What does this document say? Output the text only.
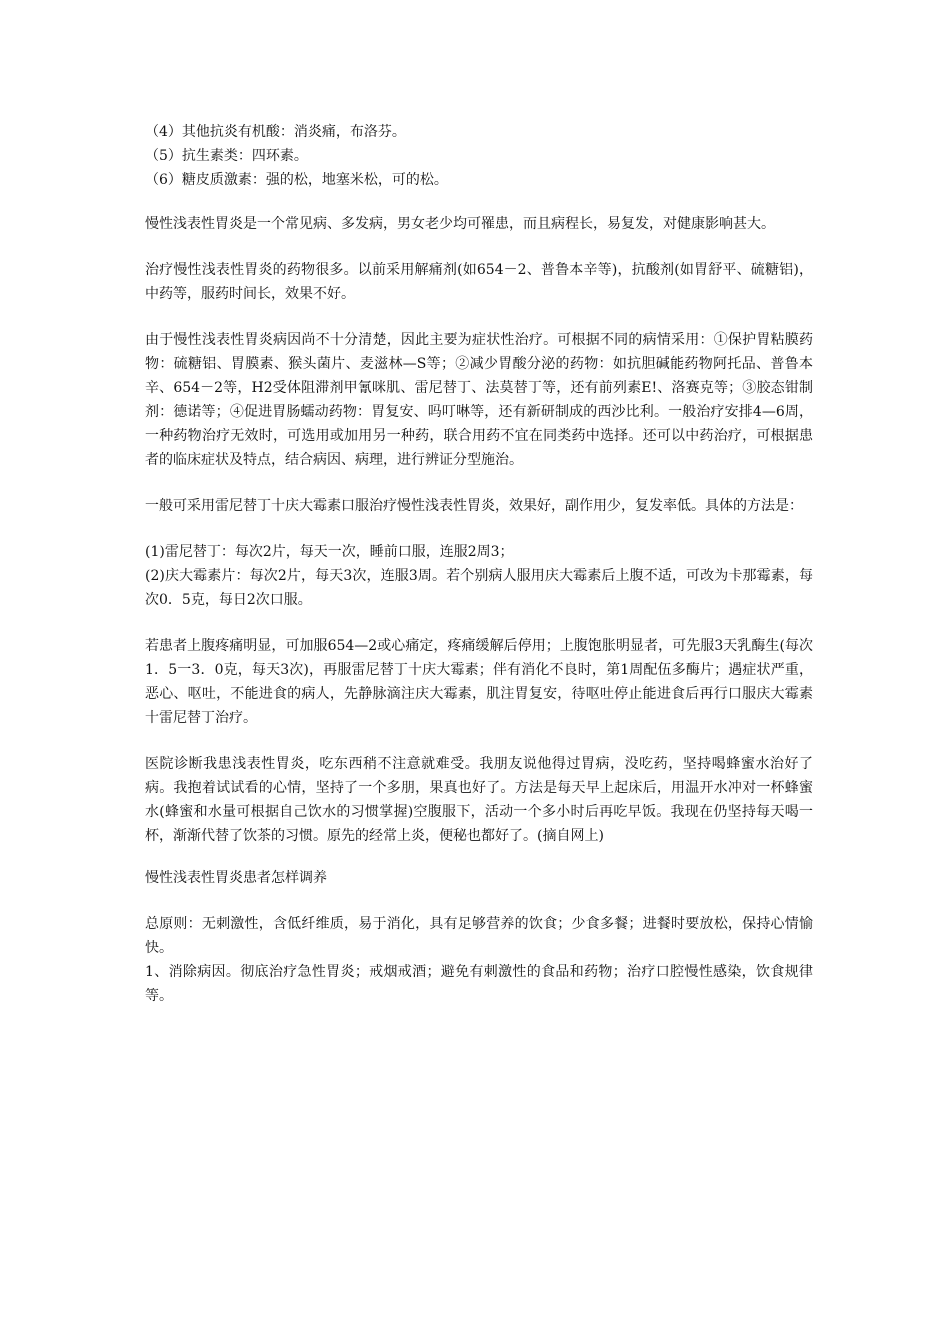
（4）其他抗炎有机酸：消炎痛，布洛芬。

（5）抗生素类：四环素。

（6）糖皮质激素：强的松，地塞米松，可的松。

慢性浅表性胃炎是一个常见病、多发病，男女老少均可罹患，而且病程长，易复发，对健康影响甚大。

治疗慢性浅表性胃炎的药物很多。以前采用解痛剂(如654－2、普鲁本辛等)，抗酸剂(如胃舒平、硫糖铝)，中药等，服药时间长，效果不好。

由于慢性浅表性胃炎病因尚不十分清楚，因此主要为症状性治疗。可根据不同的病情采用：①保护胃粘膜药物：硫糖铝、胃膜素、猴头菌片、麦滋林—S等；②减少胃酸分泌的药物：如抗胆碱能药物阿托品、普鲁本辛、654－2等，H2受体阻滞剂甲氰咪肌、雷尼替丁、法莫替丁等，还有前列素E!、洛赛克等；③胶态钳制剂：德诺等；④促进胃肠蠕动药物：胃复安、吗叮啉等，还有新研制成的西沙比利。一般治疗安排4—6周，一种药物治疗无效时，可选用或加用另一种药，联合用药不宜在同类药中选择。还可以中药治疗，可根据患者的临床症状及特点，结合病因、病理，进行辨证分型施治。

一般可采用雷尼替丁十庆大霉素口服治疗慢性浅表性胃炎，效果好，副作用少，复发率低。具体的方法是：

(1)雷尼替丁：每次2片，每天一次，睡前口服，连服2周3；

(2)庆大霉素片：每次2片，每天3次，连服3周。若个别病人服用庆大霉素后上腹不适，可改为卡那霉素，每次0．5克，每日2次口服。

若患者上腹疼痛明显，可加服654—2或心痛定，疼痛缓解后停用；上腹饱胀明显者，可先服3天乳酶生(每次1．5一3．0克，每天3次)，再服雷尼替丁十庆大霉素；伴有消化不良时，第1周配伍多酶片；遇症状严重，恶心、呕吐，不能进食的病人，先静脉滴注庆大霉素，肌注胃复安，待呕吐停止能进食后再行口服庆大霉素十雷尼替丁治疗。

医院诊断我患浅表性胃炎，吃东西稍不注意就难受。我朋友说他得过胃病，没吃药，坚持喝蜂蜜水治好了病。我抱着试试看的心情，坚持了一个多朋，果真也好了。方法是每天早上起床后，用温开水冲对一杯蜂蜜水(蜂蜜和水量可根据自己饮水的习惯掌握)空腹服下，活动一个多小时后再吃早饭。我现在仍坚持每天喝一杯，渐渐代替了饮茶的习惯。原先的经常上炎，便秘也都好了。(摘自网上)

慢性浅表性胃炎患者怎样调养

总原则：无刺激性，含低纤维质，易于消化，具有足够营养的饮食；少食多餐；进餐时要放松，保持心情愉快。

1、消除病因。彻底治疗急性胃炎；戒烟戒酒；避免有刺激性的食品和药物；治疗口腔慢性感染，饮食规律等。
